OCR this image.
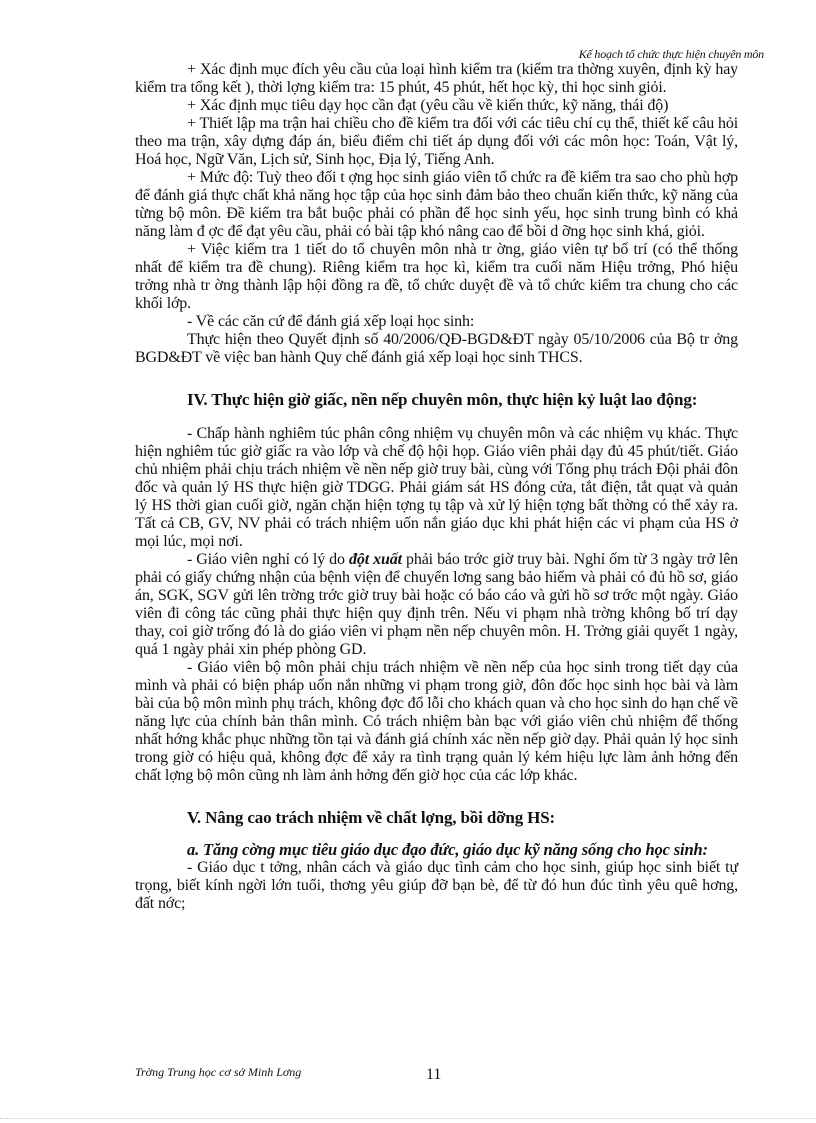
Kế hoạch tổ chức thực hiện chuyên môn

+ Xác định mục đích yêu cầu của loại hình kiểm tra (kiểm tra thờng xuyên, định kỳ hay kiểm tra tổng kết ), thời lợng kiểm tra: 15 phút, 45 phút, hết học kỳ, thi học sinh giỏi.

+ Xác định mục tiêu dạy học cần đạt (yêu cầu về kiến thức, kỹ năng, thái độ)

+ Thiết lập ma trận hai chiều cho đề kiểm tra đối với các tiêu chí cụ thể, thiết kế câu hỏi theo ma trận, xây dựng đáp án, biểu điểm chi tiết áp dụng đối với các môn học: Toán, Vật lý, Hoá học, Ngữ Văn, Lịch sử, Sinh học, Địa lý, Tiếng Anh.

+ Mức độ: Tuỳ theo đối t ợng học sinh giáo viên tổ chức ra đề kiểm tra sao cho phù hợp để đánh giá thực chất khả năng học tập của học sinh đảm bảo theo chuẩn kiến thức, kỹ năng của từng bộ môn. Đề kiểm tra bắt buộc phải có phần để học sinh yếu, học sinh trung bình có khả năng làm đ ợc để đạt yêu cầu, phải có bài tập khó nâng cao để bồi d ỡng học sinh khá, giỏi.

+ Việc kiểm tra 1 tiết do tổ chuyên môn nhà tr ờng, giáo viên tự bố trí (có thể thống nhất để kiểm tra đề chung). Riêng kiểm tra học kì, kiểm tra cuối năm Hiệu trởng, Phó hiệu trởng nhà tr ờng thành lập hội đồng ra đề, tổ chức duyệt đề và tổ chức kiểm tra chung cho các khối lớp.

- Về các căn cứ để đánh giá xếp loại học sinh:

Thực hiện theo Quyết định số 40/2006/QĐ-BGD&ĐT ngày 05/10/2006 của Bộ tr ởng BGD&ĐT về việc ban hành Quy chế đánh giá xếp loại học sinh THCS.

IV. Thực hiện giờ giấc, nền nếp chuyên môn, thực hiện kỷ luật lao động:

- Chấp hành nghiêm túc phân công nhiệm vụ chuyên môn và các nhiệm vụ khác. Thực hiện nghiêm túc giờ giấc ra vào lớp và chế độ hội họp. Giáo viên phải dạy đủ 45 phút/tiết. Giáo chủ nhiệm phải chịu trách nhiệm về nền nếp giờ truy bài, cùng với Tổng phụ trách Đội phải đôn đốc và quản lý HS thực hiện giờ TDGG. Phải giám sát HS đóng cửa, tắt điện, tắt quạt và quản lý HS thời gian cuối giờ, ngăn chặn hiện tợng tụ tập và xử lý hiện tợng bất thờng có thể xảy ra. Tất cả CB, GV, NV phải có trách nhiệm uốn nắn giáo dục khi phát hiện các vi phạm của HS ở mọi lúc, mọi nơi.

- Giáo viên nghỉ có lý do đột xuất phải báo trớc giờ truy bài. Nghỉ ốm từ 3 ngày trở lên phải có giấy chứng nhận của bệnh viện để chuyển lơng sang bảo hiểm và phải có đủ hồ sơ, giáo án, SGK, SGV gửi lên trờng trớc giờ truy bài hoặc có báo cáo và gửi hồ sơ trớc một ngày. Giáo viên đi công tác cũng phải thực hiện quy định trên. Nếu vi phạm nhà trờng không bố trí dạy thay, coi giờ trống đó là do giáo viên vi phạm nền nếp chuyên môn. H. Trởng giải quyết 1 ngày, quá 1 ngày phải xin phép phòng GD.

- Giáo viên bộ môn phải chịu trách nhiệm về nền nếp của học sinh trong tiết dạy của mình và phải có biện pháp uốn nắn những vi phạm trong giờ, đôn đốc học sinh học bài và làm bài của bộ môn mình phụ trách, không đợc đổ lỗi cho khách quan và cho học sinh do hạn chế về năng lực của chính bản thân mình. Có trách nhiệm bàn bạc với giáo viên chủ nhiệm để thống nhất hớng khắc phục những tồn tại và đánh giá chính xác nền nếp giờ dạy. Phải quản lý học sinh trong giờ có hiệu quả, không đợc để xảy ra tình trạng quản lý kém hiệu lực làm ảnh hởng đến chất lợng bộ môn cũng nh làm ảnh hởng đến giờ học của các lớp khác.

V. Nâng cao trách nhiệm về chất lợng, bồi dỡng HS:

a. Tăng cờng mục tiêu giáo dục đạo đức, giáo dục kỹ năng sống cho học sinh:

- Giáo dục t tởng, nhân cách và giáo dục tình cảm cho học sinh, giúp học sinh biết tự trọng, biết kính ngời lớn tuổi, thơng yêu giúp đỡ bạn bè, để từ đó hun đúc tình yêu quê hơng, đất nớc;

Trờng Trung học cơ sở Minh Lơng	11
